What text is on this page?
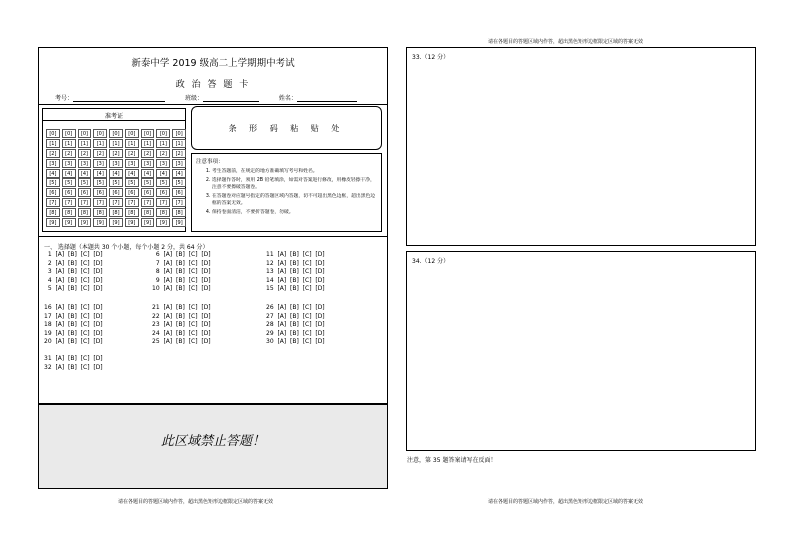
请在各题目的答题区域内作答，超出黑色矩形边框限定区域的答案无效
新泰中学 2019 级高二上学期期中考试
政 治 答 题 卡
考号：	班级：	姓名：
准考证
[0]	[0]	[0]	[0]	[0]	[0]	[0]	[0]	[0]
[1]	[1]	[1]	[1]	[1]	[1]	[1]	[1]	[1]
[2]	[2]	[2]	[2]	[2]	[2]	[2]	[2]	[2]
[3]	[3]	[3]	[3]	[3]	[3]	[3]	[3]	[3]
[4]	[4]	[4]	[4]	[4]	[4]	[4]	[4]	[4]
[5]	[5]	[5]	[5]	[5]	[5]	[5]	[5]	[5]
[6]	[6]	[6]	[6]	[6]	[6]	[6]	[6]	[6]
[7]	[7]	[7]	[7]	[7]	[7]	[7]	[7]	[7]
[8]	[8]	[8]	[8]	[8]	[8]	[8]	[8]	[8]
[9]	[9]	[9]	[9]	[9]	[9]	[9]	[9]	[9]
条 形 码 粘 贴 处
注意事项：
1. 考生答题前，在规定的地方准确填写考号和姓名。
2. 选择题作答时，须用 2B 铅笔填涂，如需对答案进行修改，用橡皮轻擦干净，注意不要擦破答题卷。
3. 在答题卷对应题号指定的答题区域内答题，切不可超出黑色边框，超出黑色边框的答案无效。
4. 保持卷面清洁，不要折答题卷，勿破。
一、 选择题（本题共 30 个小题，每个小题 2 分，共 64 分）
1  [A]  [B]  [C]  [D]
2  [A]  [B]  [C]  [D]
3  [A]  [B]  [C]  [D]
4  [A]  [B]  [C]  [D]
5  [A]  [B]  [C]  [D]
6  [A]  [B]  [C]  [D]
7  [A]  [B]  [C]  [D]
8  [A]  [B]  [C]  [D]
9  [A]  [B]  [C]  [D]
10  [A]  [B]  [C]  [D]
11  [A]  [B]  [C]  [D]
12  [A]  [B]  [C]  [D]
13  [A]  [B]  [C]  [D]
14  [A]  [B]  [C]  [D]
15  [A]  [B]  [C]  [D]
16  [A]  [B]  [C]  [D]
17  [A]  [B]  [C]  [D]
18  [A]  [B]  [C]  [D]
19  [A]  [B]  [C]  [D]
20  [A]  [B]  [C]  [D]
21  [A]  [B]  [C]  [D]
22  [A]  [B]  [C]  [D]
23  [A]  [B]  [C]  [D]
24  [A]  [B]  [C]  [D]
25  [A]  [B]  [C]  [D]
26  [A]  [B]  [C]  [D]
27  [A]  [B]  [C]  [D]
28  [A]  [B]  [C]  [D]
29  [A]  [B]  [C]  [D]
30  [A]  [B]  [C]  [D]
31  [A]  [B]  [C]  [D]
32  [A]  [B]  [C]  [D]
此区域禁止答题！
请在各题目的答题区域内作答，超出黑色矩形边框限定区域的答案无效
33.（12 分）
34.（12 分）
注意，第 35 题答案请写在反面！
请在各题目的答题区域内作答，超出黑色矩形边框限定区域的答案无效
